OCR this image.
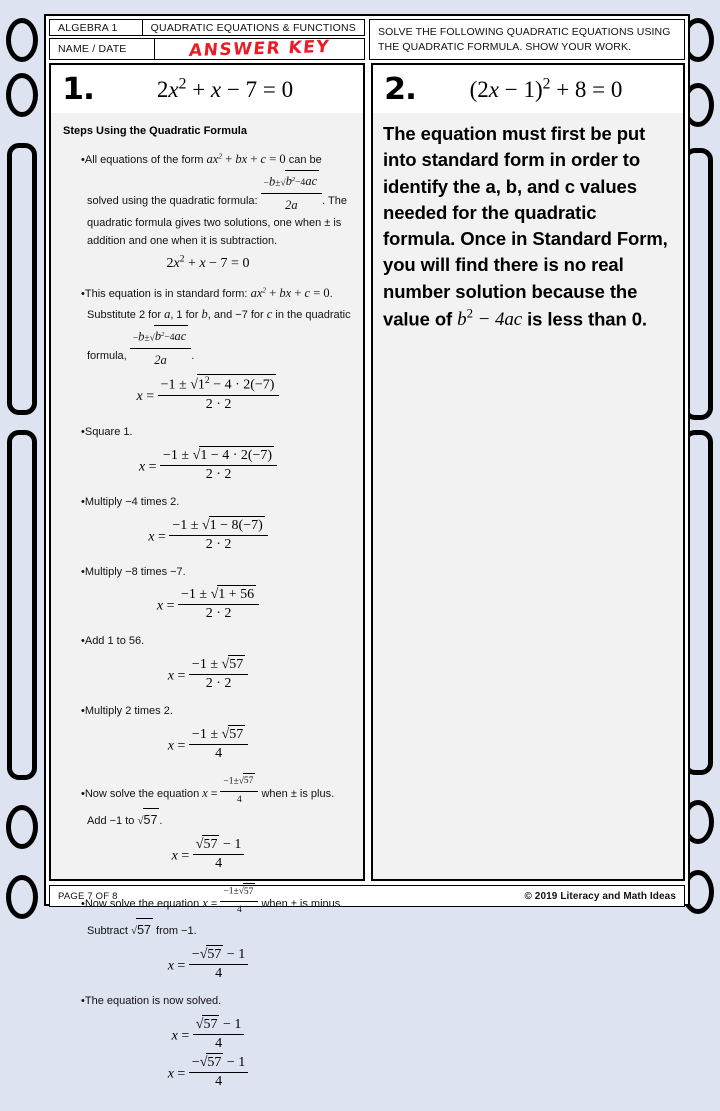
ALGEBRA 1	QUADRATIC EQUATIONS & FUNCTIONS
NAME / DATE	ANSWER KEY
SOLVE THE FOLLOWING QUADRATIC EQUATIONS USING THE QUADRATIC FORMULA. SHOW YOUR WORK.
1.	$2x^2 + x - 7 = 0$
Steps Using the Quadratic Formula
•All equations of the form $ax^2$ + bx + c = 0 can be solved using the quadratic formula: $\frac{-b\pm√b^2-4ac}{2a}$ . The quadratic formula gives two solutions, one when ± is addition and one when it is subtraction.
$2x^2 + x - 7 = 0$
•This equation is in standard form: $ax^2$ + bx + c = 0. Substitute 2 for a, 1 for b, and −7 for c in the quadratic formula, $\frac{-b\pm√b^2-4ac}{2a}$ .
$x = \frac{-1 \pm √1^2 - 4 \cdot 2(-7)}{2 \cdot 2}$
•Square 1.
$x = \frac{-1 \pm √1 - 4 \cdot 2(-7)}{2 \cdot 2}$
•Multiply −4 times 2.
$x = \frac{-1 \pm √1 - 8(-7)}{2 \cdot 2}$
•Multiply −8 times −7.
$x = \frac{-1 \pm √1 + 56}{2 \cdot 2}$
•Add 1 to 56.
$x = \frac{-1 \pm √57}{2 \cdot 2}$
•Multiply 2 times 2.
$x = \frac{-1 \pm √57}{4}$
•Now solve the equation $x = \frac{-1\pm√57}{4}$ when ± is plus. Add −1 to √57 .
$x = \frac{√57 - 1}{4}$
•Now solve the equation $x = \frac{-1\pm√57}{4}$ when ± is minus. Subtract √57 from −1.
$x = \frac{-√57 - 1}{4}$
•The equation is now solved.
$x = \frac{√57 - 1}{4}$
$x = \frac{-√57 - 1}{4}$
2.	$(2x - 1)^2 + 8 = 0$
The equation must first be put into standard form in order to identify the a, b, and c values needed for the quadratic formula. Once in Standard Form, you will find there is no real number solution because the value of $b^2 - 4ac$ is less than 0.
PAGE 7 OF 8	© 2019 Literacy and Math Ideas
